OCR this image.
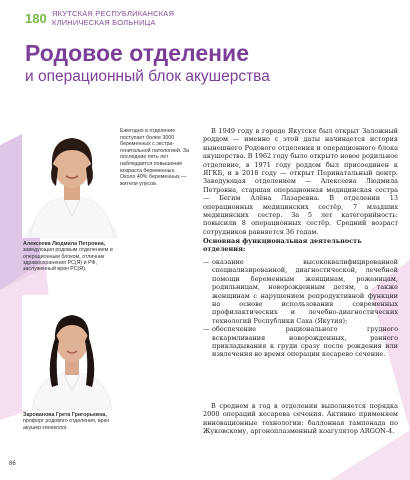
180 ЯКУТСКАЯ РЕСПУБЛИКАНСКАЯ
КЛИНИЧЕСКАЯ БОЛЬНИЦА
Родовое отделение
и операционный блок акушерства
Алексеева Людмила Петровна,
заведующая родовым отделением и операционным блоком, отличник здравоохранения РС(Я) и РФ, заслуженный врач РС(Я).
Зарованова Грета Григорьевна,
профорг родового отделения, врач акушер-гинеколог.
Ежегодно в отделение поступает более 3000 беременных с экстра-генитальной патологией. За последние пять лет наблюдается повышение возраста беременных. Около 40% беременных — жители улусов.

В 1949 году в городе Якутске был открыт Заложный роддом — именно с этой даты начинается история нынешнего Родового отделения и операционного блока акушерства. В 1962 году было открыто новое родильное отделение, в 1971 году роддом был присоединен к ЯГКБ, и в 2018 году — открыт Перинатальный центр. Заведующая отделением — Алексеева Людмила Петровна, старшая операционная медицинская сестра — Бегим Алёна Лазаревна. В отделении 13 операционных медицинских сестёр, 7 младших медицинских сестер. За 5 лет категорийность: повысили 8 операционных сестёр. Средний возраст сотрудников равняется 36 годам.

Основная функциональная деятельность отделения:
— оказание высококвалифицированной специализированной, диагностической, лечебной помощи беременным женщинам, роженицам, родильницам, новорожденным детям, а также женщинам с нарушением репродуктивной функции на основе использования современных профилактических и лечебно-диагностических технологий Республики Саха (Якутия);
— обеспечение рационального грудного вскармливания новорожденных, раннего прикладывания к груди сразу после рождения или извлечения во время операции кесарево сечение.
В среднем в год в отделении выполняется порядка 2000 операций кесарева сечения. Активно применяем инновационные технологии: баллонная тампонада по Жуковскому, аргоноплазменный коагулятор ARGON-4.
86
